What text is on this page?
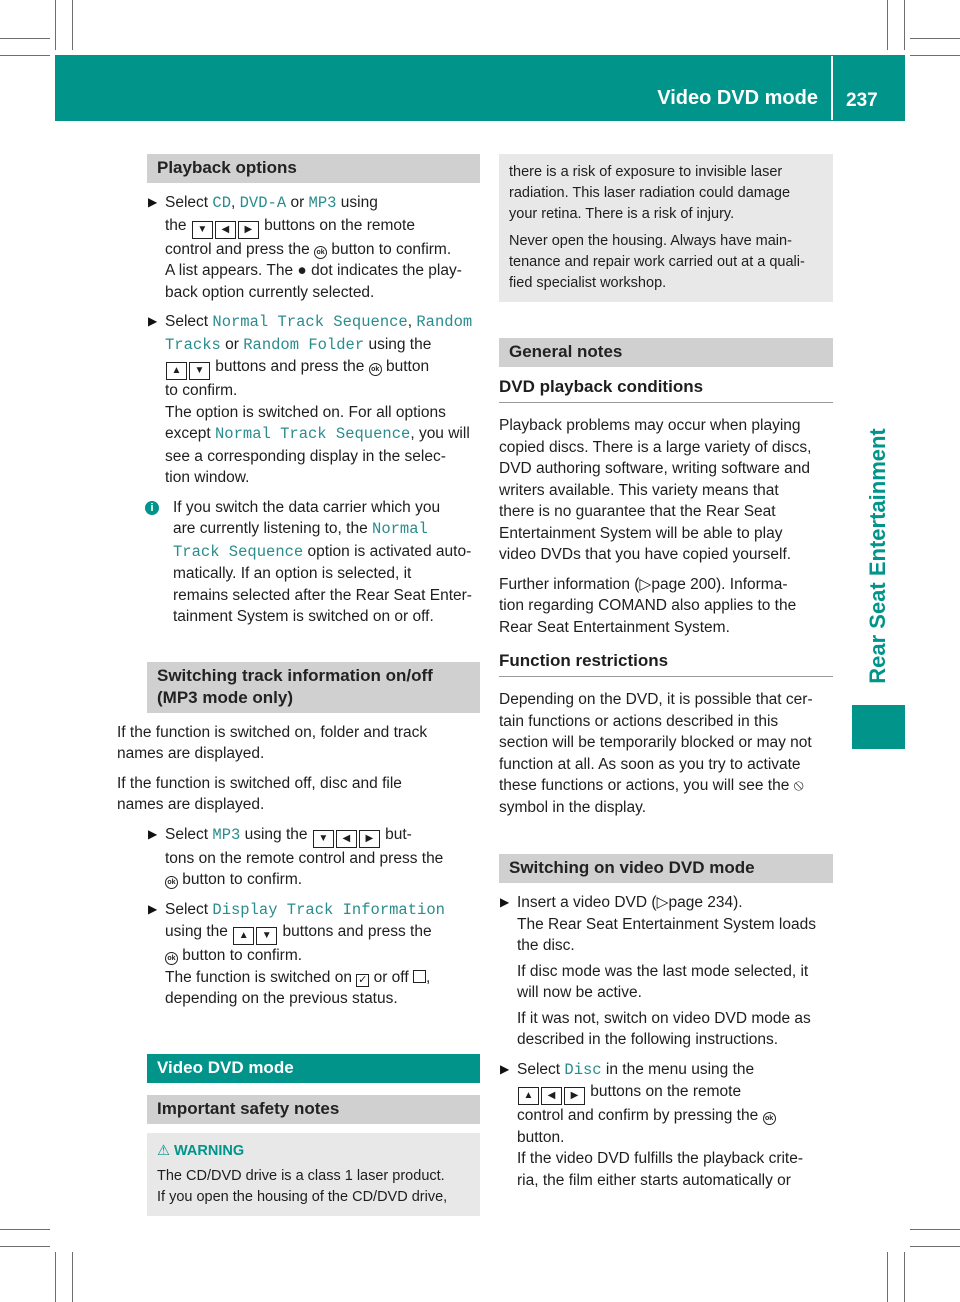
Video DVD mode 237
Rear Seat Entertainment
Playback options
▶ Select CD, DVD-A or MP3 using
the ▼ ◀ ▶ buttons on the remote
control and press the ok button to confirm.
A list appears. The ● dot indicates the play-
back option currently selected.
▶ Select Normal Track Sequence, Random
Tracks or Random Folder using the
▲ ▼ buttons and press the ok button
to confirm.
The option is switched on. For all options
except Normal Track Sequence, you will
see a corresponding display in the selec-
tion window.
i	If you switch the data carrier which you
are currently listening to, the Normal
Track Sequence option is activated auto-
matically. If an option is selected, it
remains selected after the Rear Seat Enter-
tainment System is switched on or off.
Switching track information on/off
(MP3 mode only)

If the function is switched on, folder and track
names are displayed.

If the function is switched off, disc and file
names are displayed.

▶ Select MP3 using the ▼ ◀ ▶ but-
tons on the remote control and press the
ok button to confirm.
▶ Select Display Track Information
using the ▲ ▼ buttons and press the
ok button to confirm.
The function is switched on ✓ or off ,
depending on the previous status.
Video DVD mode
Important safety notes
⚠ WARNING
The CD/DVD drive is a class 1 laser product.
If you open the housing of the CD/DVD drive,

there is a risk of exposure to invisible laser
radiation. This laser radiation could damage
your retina. There is a risk of injury.

Never open the housing. Always have main-
tenance and repair work carried out at a quali-
fied specialist workshop.

General notes
DVD playback conditions

Playback problems may occur when playing
copied discs. There is a large variety of discs,
DVD authoring software, writing software and
writers available. This variety means that
there is no guarantee that the Rear Seat
Entertainment System will be able to play
video DVDs that you have copied yourself.

Further information (▷page 200). Informa-
tion regarding COMAND also applies to the
Rear Seat Entertainment System.

Function restrictions

Depending on the DVD, it is possible that cer-
tain functions or actions described in this
section will be temporarily blocked or may not
function at all. As soon as you try to activate
these functions or actions, you will see the ⦸
symbol in the display.

Switching on video DVD mode
▶ Insert a video DVD (▷page 234).
The Rear Seat Entertainment System loads
the disc.

If disc mode was the last mode selected, it
will now be active.

If it was not, switch on video DVD mode as
described in the following instructions.
▶ Select Disc in the menu using the
▲ ◀ ▶ buttons on the remote
control and confirm by pressing the ok
button.
If the video DVD fulfills the playback crite-
ria, the film either starts automatically or
